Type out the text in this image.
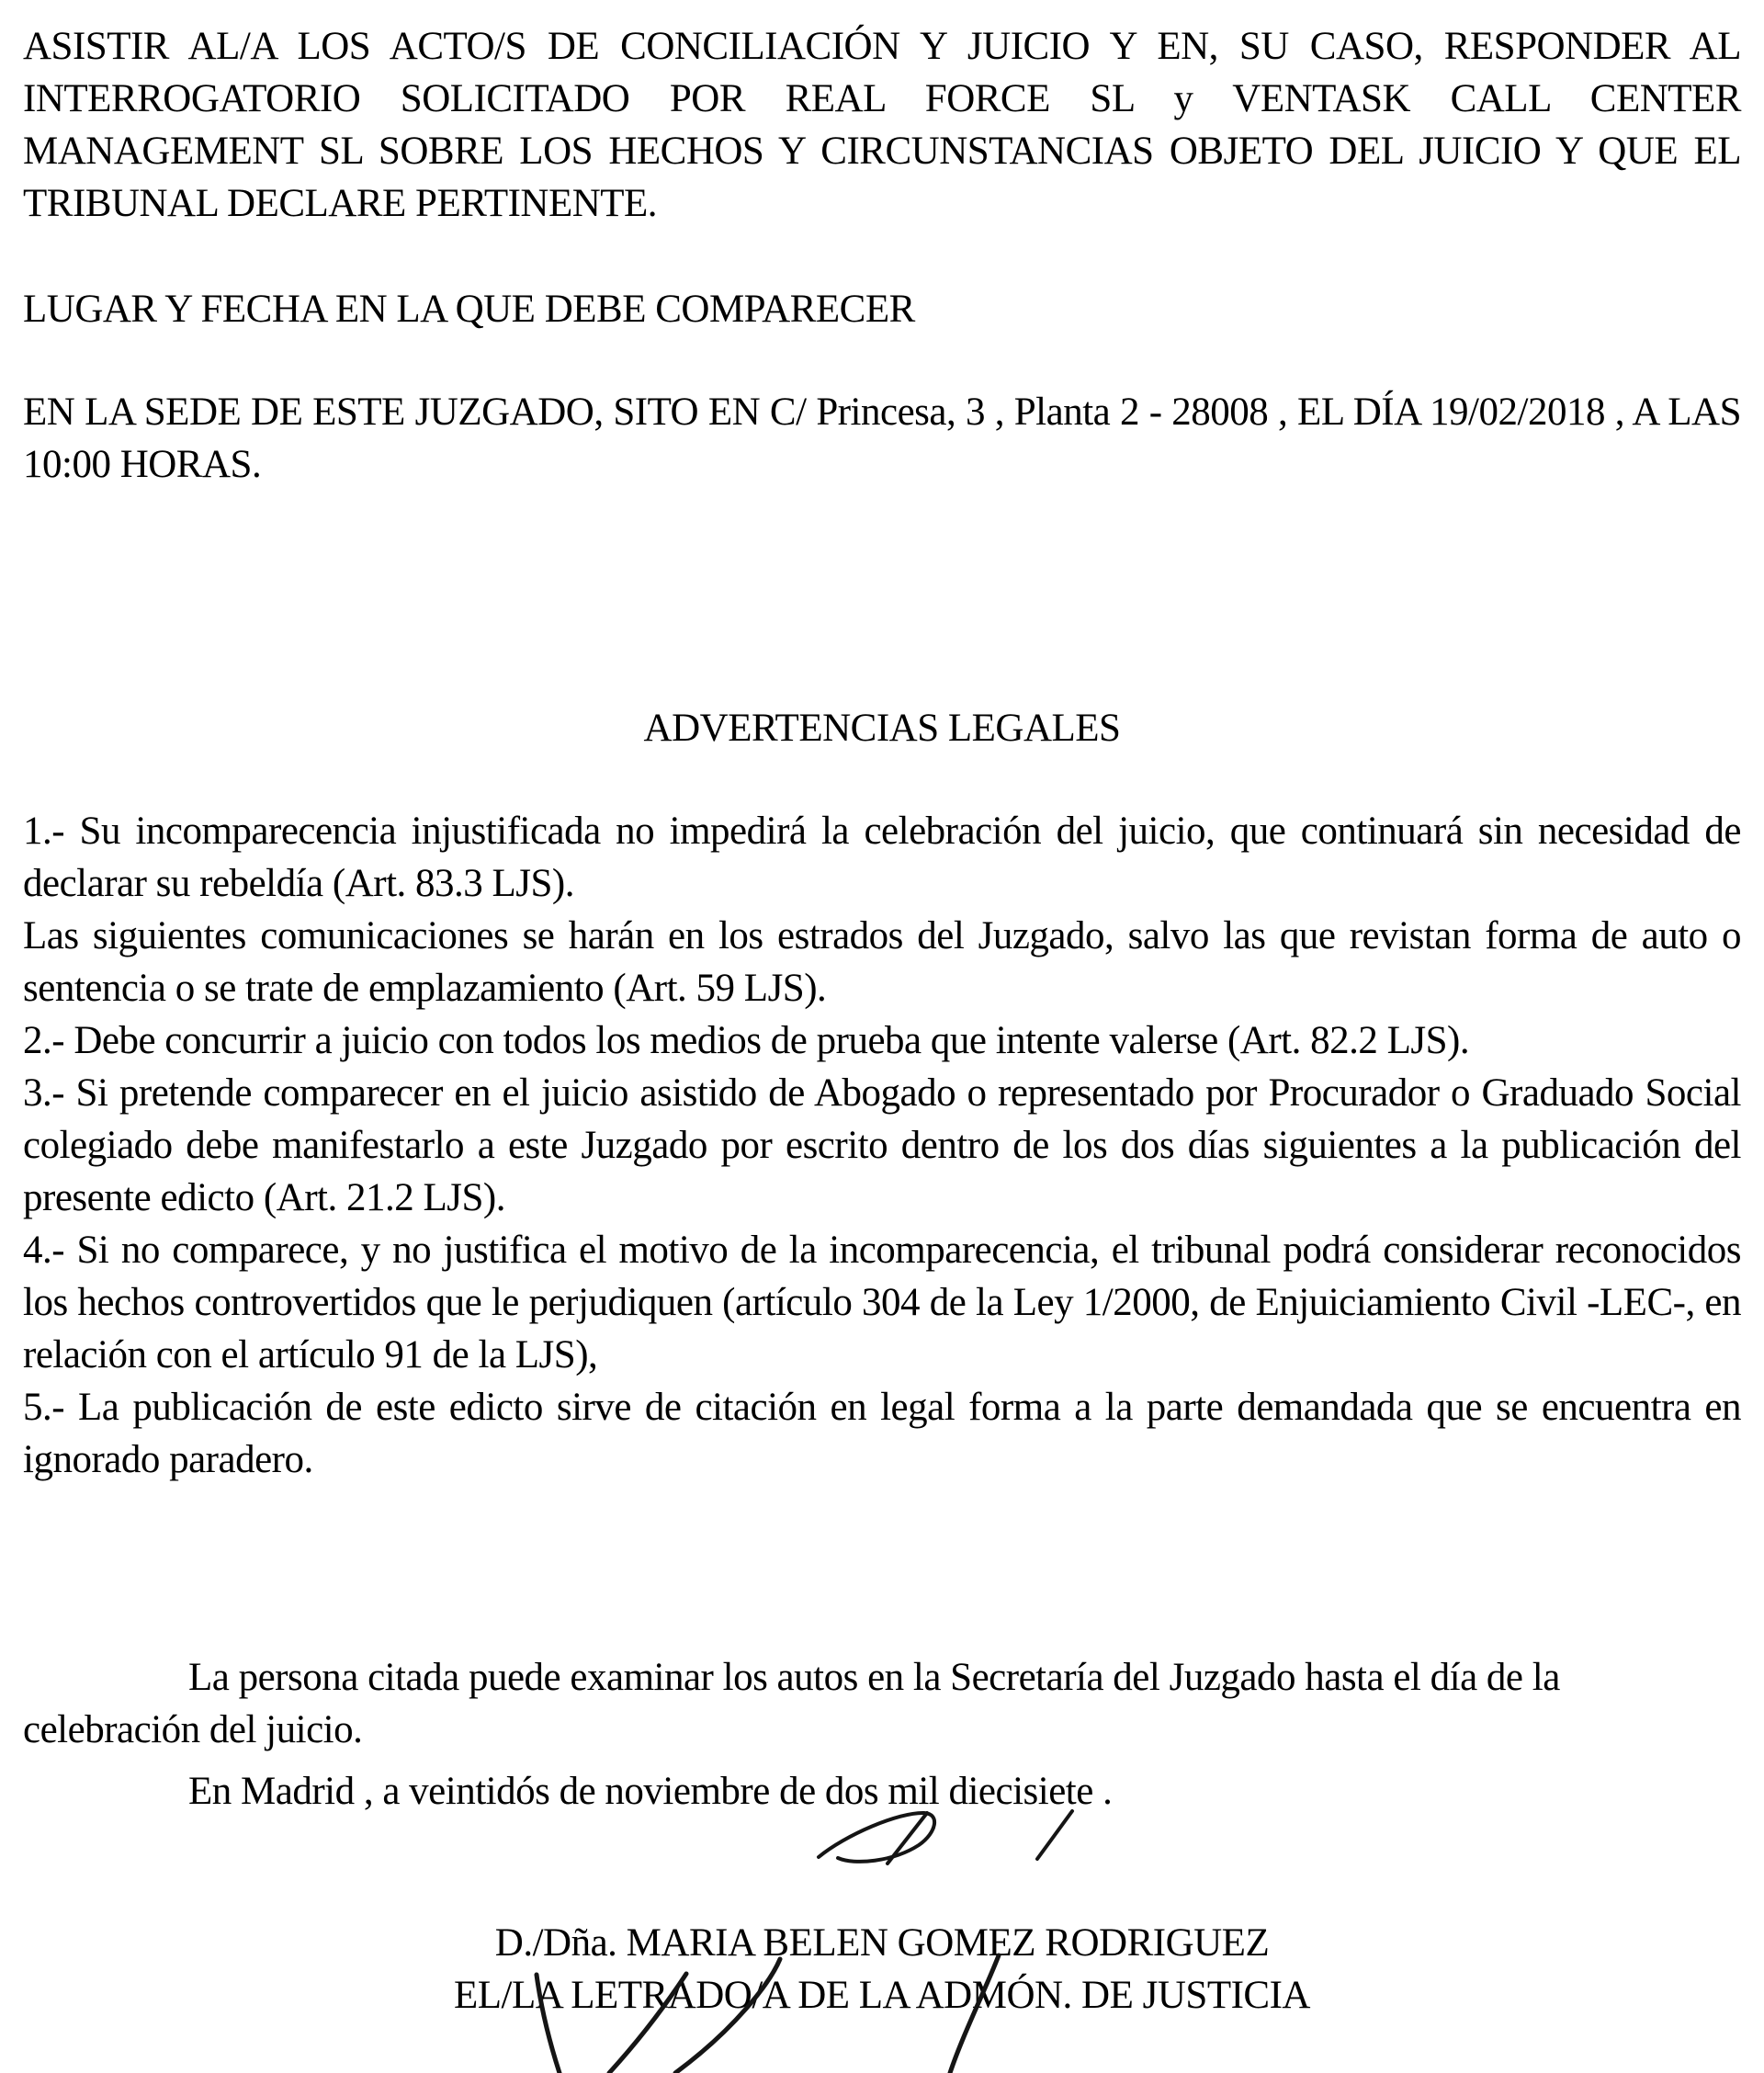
ASISTIR AL/A LOS ACTO/S DE CONCILIACIÓN Y JUICIO Y EN, SU CASO, RESPONDER AL INTERROGATORIO SOLICITADO POR REAL FORCE SL y VENTASK CALL CENTER MANAGEMENT SL SOBRE LOS HECHOS Y CIRCUNSTANCIAS OBJETO DEL JUICIO Y QUE EL TRIBUNAL DECLARE PERTINENTE.

LUGAR Y FECHA EN LA QUE DEBE COMPARECER

EN LA SEDE DE ESTE JUZGADO, SITO EN C/ Princesa, 3 , Planta 2 - 28008 , EL DÍA 19/02/2018 , A LAS 10:00 HORAS.

ADVERTENCIAS LEGALES

1.- Su incomparecencia injustificada no impedirá la celebración del juicio, que continuará sin necesidad de declarar su rebeldía (Art. 83.3 LJS).

Las siguientes comunicaciones se harán en los estrados del Juzgado, salvo las que revistan forma de auto o sentencia o se trate de emplazamiento (Art. 59 LJS).

2.- Debe concurrir a juicio con todos los medios de prueba que intente valerse (Art. 82.2 LJS).

3.- Si pretende comparecer en el juicio asistido de Abogado o representado por Procurador o Graduado Social colegiado debe manifestarlo a este Juzgado por escrito dentro de los dos días siguientes a la publicación del presente edicto (Art. 21.2 LJS).

4.- Si no comparece, y no justifica el motivo de la incomparecencia, el tribunal podrá considerar reconocidos los hechos controvertidos que le perjudiquen (artículo 304 de la Ley 1/2000, de Enjuiciamiento Civil -LEC-, en relación con el artículo 91 de la LJS),

5.- La publicación de este edicto sirve de citación en legal forma a la parte demandada que se encuentra en ignorado paradero.

La persona citada puede examinar los autos en la Secretaría del Juzgado hasta el día de la celebración del juicio.

En Madrid , a veintidós de noviembre de dos mil diecisiete .

D./Dña. MARIA BELEN GOMEZ RODRIGUEZ

EL/LA LETRADO/A DE LA ADMÓN. DE JUSTICIA
